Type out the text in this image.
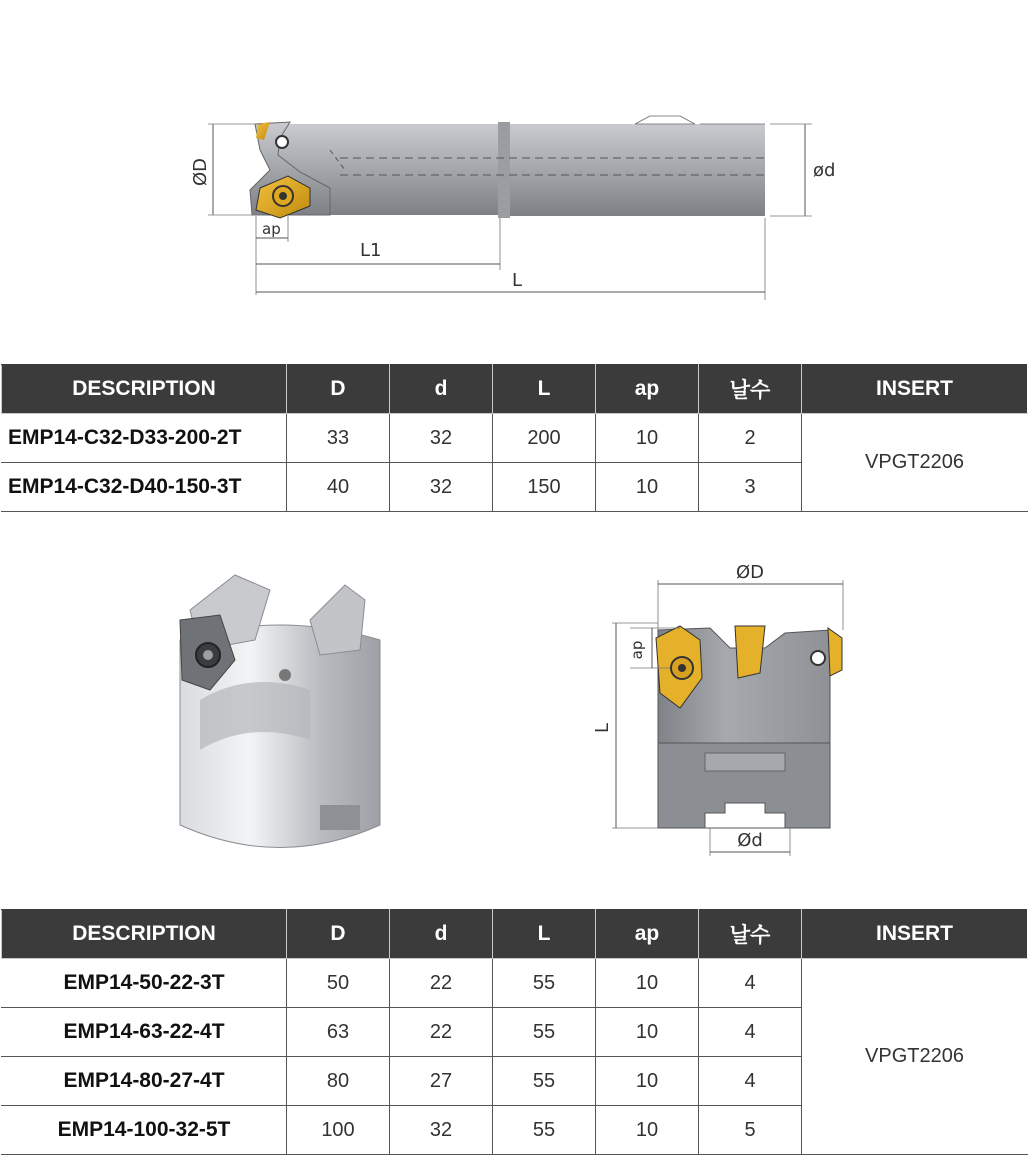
ØD	ød
ap
L1
L
DESCRIPTION	D	d	L	ap	날수	INSERT
EMP14-C32-D33-200-2T	33	32	200	10	2	VPGT2206
EMP14-C32-D40-150-3T	40	32	150	10	3	
ØD
ap
L
Ød
DESCRIPTION	D	d	L	ap	날수	INSERT
EMP14-50-22-3T	50	22	55	10	4	VPGT2206
EMP14-63-22-4T	63	22	55	10	4	
EMP14-80-27-4T	80	27	55	10	4	
EMP14-100-32-5T	100	32	55	10	5	
